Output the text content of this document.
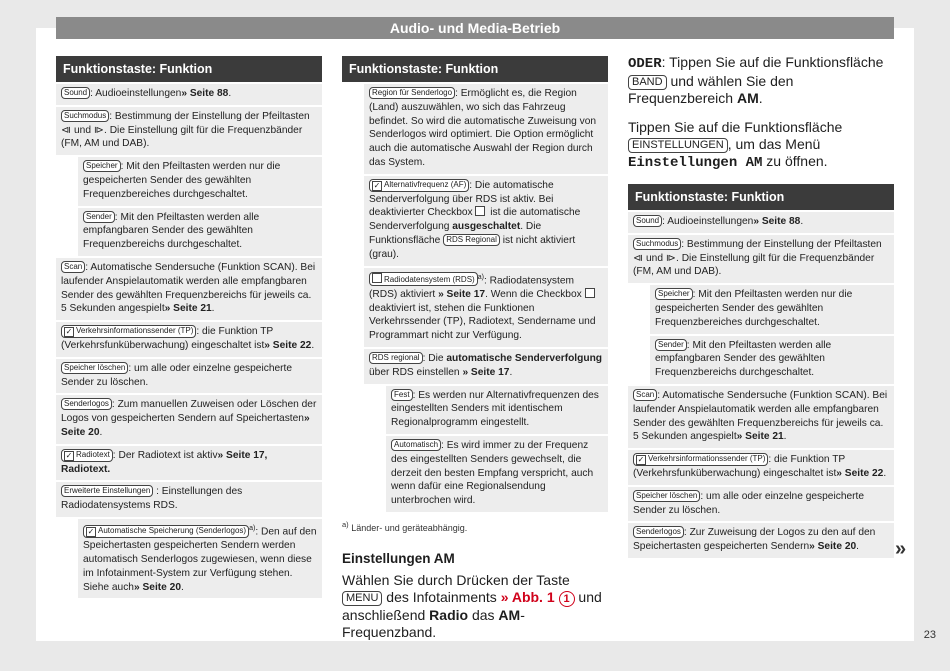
Audio- und Media-Betrieb
Funktionstaste: Funktion
Sound : Audioeinstellungen» Seite 88.
Suchmodus : Bestimmung der Einstellung der Pfeiltasten ⧏ und ⧐. Die Einstellung gilt für die Frequenzbänder (FM, AM und DAB).
Speicher : Mit den Pfeiltasten werden nur die gespeicherten Sender des gewählten Frequenzbereiches durchgeschaltet.
Sender : Mit den Pfeiltasten werden alle empfangbaren Sender des gewählten Frequenzbereichs durchgeschaltet.
Scan : Automatische Sendersuche (Funktion SCAN). Bei laufender Anspielautomatik werden alle empfangbaren Sender des gewählten Frequenzbereichs für jeweils ca. 5 Sekunden angespielt» Seite 21.
✓Verkehrsinformationssender (TP) : die Funktion TP (Verkehrsfunküberwachung) eingeschaltet ist» Seite 22.
Speicher löschen : um alle oder einzelne gespeicherte Sender zu löschen.
Senderlogos : Zum manuellen Zuweisen oder Löschen der Logos von gespeicherten Sendern auf Speichertasten» Seite 20.
✓Radiotext : Der Radiotext ist aktiv» Seite 17, Radiotext.
Erweiterte Einstellungen : Einstellungen des Radiodatensystems RDS.
✓Automatische Speicherung (Senderlogos) $^{a)}$: Den auf den Speichertasten gespeicherten Sendern werden automatisch Senderlogos zugewiesen, wenn diese im Infotainment-System zur Verfügung stehen. Siehe auch» Seite 20.
Funktionstaste: Funktion
Region für Senderlogo : Ermöglicht es, die Region (Land) auszuwählen, wo sich das Fahrzeug befindet. So wird die automatische Zuweisung von Senderlogos wird optimiert. Die Option ermöglicht auch die automatische Auswahl der Region durch das System.
✓Alternativfrequenz (AF) : Die automatische Senderverfolgung über RDS ist aktiv. Bei deaktivierter Checkbox  ist die automatische Senderverfolgung ausgeschaltet. Die Funktionsfläche RDS Regional ist nicht aktiviert (grau).
Radiodatensystem (RDS) $^{a)}$: Radiodatensystem (RDS) aktiviert » Seite 17. Wenn die Checkbox  deaktiviert ist, stehen die Funktionen Verkehrssender (TP), Radiotext, Sendername und Programmart nicht zur Verfügung.
RDS regional : Die automatische Senderverfolgung über RDS einstellen » Seite 17.
Fest : Es werden nur Alternativfrequenzen des eingestellten Senders mit identischem Regionalprogramm eingestellt.
Automatisch : Es wird immer zu der Frequenz des eingestellten Senders gewechselt, die derzeit den besten Empfang verspricht, auch wenn dafür eine Regionalsendung unterbrochen wird.
$^{a)}$ Länder- und geräteabhängig.
Einstellungen AM

Wählen Sie durch Drücken der Taste MENU des Infotainments » Abb. 1 1 und anschließend Radio das AM-Frequenzband.

ODER: Tippen Sie auf die Funktionsfläche BAND und wählen Sie den Frequenzbereich AM.

Tippen Sie auf die Funktionsfläche EINSTELLUNGEN , um das Menü Einstellungen AM zu öffnen.

Funktionstaste: Funktion
Sound : Audioeinstellungen» Seite 88.
Suchmodus : Bestimmung der Einstellung der Pfeiltasten ⧏ und ⧐. Die Einstellung gilt für die Frequenzbänder (FM, AM und DAB).
Speicher : Mit den Pfeiltasten werden nur die gespeicherten Sender des gewählten Frequenzbereiches durchgeschaltet.
Sender : Mit den Pfeiltasten werden alle empfangbaren Sender des gewählten Frequenzbereichs durchgeschaltet.
Scan : Automatische Sendersuche (Funktion SCAN). Bei laufender Anspielautomatik werden alle empfangbaren Sender des gewählten Frequenzbereichs für jeweils ca. 5 Sekunden angespielt» Seite 21.
✓Verkehrsinformationssender (TP) : die Funktion TP (Verkehrsfunküberwachung) eingeschaltet ist» Seite 22.
Speicher löschen : um alle oder einzelne gespeicherte Sender zu löschen.
Senderlogos : Zur Zuweisung der Logos zu den auf den Speichertasten gespeicherten Sendern» Seite 20.	»
23
